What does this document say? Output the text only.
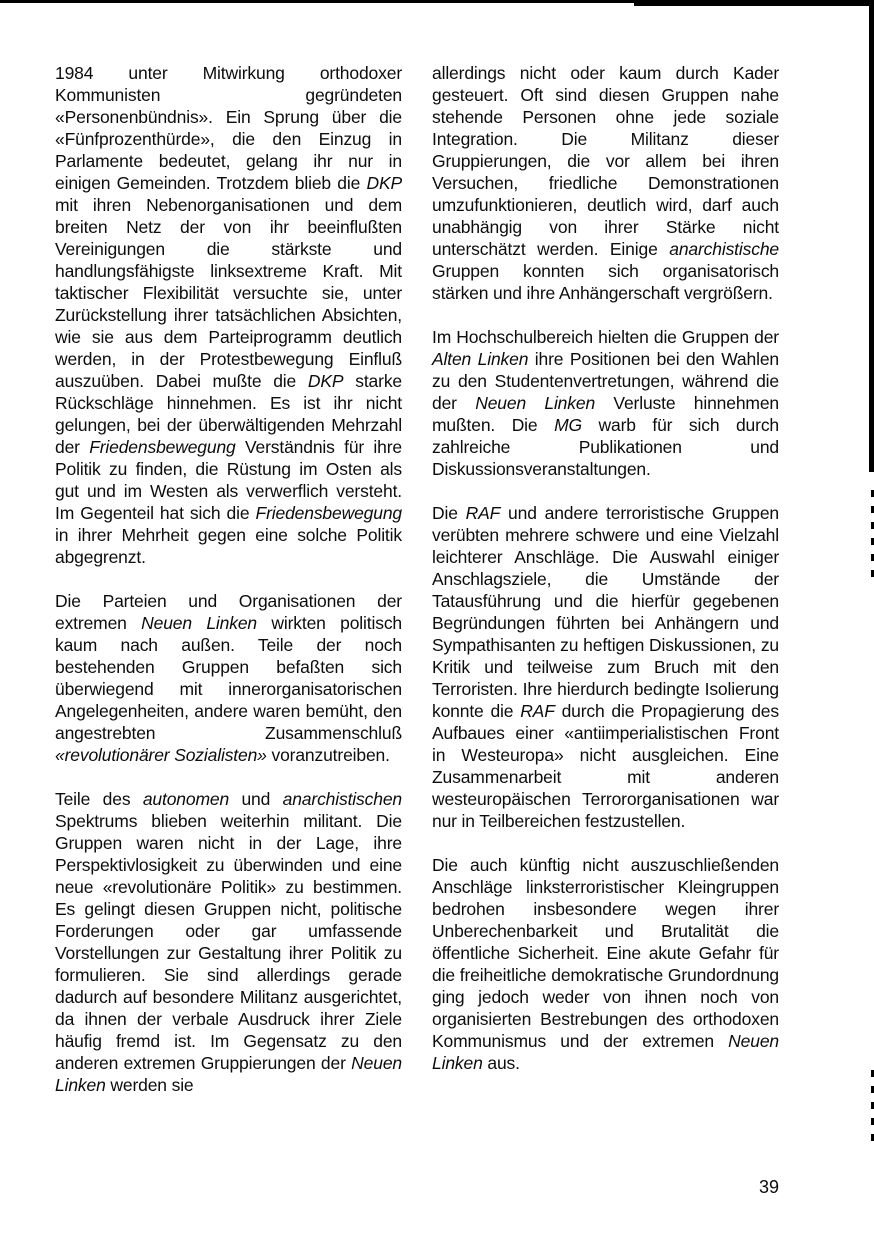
1984 unter Mitwirkung orthodoxer Kommunisten gegründeten «Personenbündnis». Ein Sprung über die «Fünfprozenthürde», die den Einzug in Parlamente bedeutet, gelang ihr nur in einigen Gemeinden. Trotzdem blieb die DKP mit ihren Nebenorganisationen und dem breiten Netz der von ihr beeinflußten Vereinigungen die stärkste und handlungsfähigste linksextreme Kraft. Mit taktischer Flexibilität versuchte sie, unter Zurückstellung ihrer tatsächlichen Absichten, wie sie aus dem Parteiprogramm deutlich werden, in der Protestbewegung Einfluß auszuüben. Dabei mußte die DKP starke Rückschläge hinnehmen. Es ist ihr nicht gelungen, bei der überwältigenden Mehrzahl der Friedensbewegung Verständnis für ihre Politik zu finden, die Rüstung im Osten als gut und im Westen als verwerflich versteht. Im Gegenteil hat sich die Friedensbewegung in ihrer Mehrheit gegen eine solche Politik abgegrenzt.

Die Parteien und Organisationen der extremen Neuen Linken wirkten politisch kaum nach außen. Teile der noch bestehenden Gruppen befaßten sich überwiegend mit innerorganisatorischen Angelegenheiten, andere waren bemüht, den angestrebten Zusammenschluß «revolutionärer Sozialisten» voranzutreiben.

Teile des autonomen und anarchistischen Spektrums blieben weiterhin militant. Die Gruppen waren nicht in der Lage, ihre Perspektivlosigkeit zu überwinden und eine neue «revolutionäre Politik» zu bestimmen. Es gelingt diesen Gruppen nicht, politische Forderungen oder gar umfassende Vorstellungen zur Gestaltung ihrer Politik zu formulieren. Sie sind allerdings gerade dadurch auf besondere Militanz ausgerichtet, da ihnen der verbale Ausdruck ihrer Ziele häufig fremd ist. Im Gegensatz zu den anderen extremen Gruppierungen der Neuen Linken werden sie

allerdings nicht oder kaum durch Kader gesteuert. Oft sind diesen Gruppen nahe stehende Personen ohne jede soziale Integration. Die Militanz dieser Gruppierungen, die vor allem bei ihren Versuchen, friedliche Demonstrationen umzufunktionieren, deutlich wird, darf auch unabhängig von ihrer Stärke nicht unterschätzt werden. Einige anarchistische Gruppen konnten sich organisatorisch stärken und ihre Anhängerschaft vergrößern.

Im Hochschulbereich hielten die Gruppen der Alten Linken ihre Positionen bei den Wahlen zu den Studentenvertretungen, während die der Neuen Linken Verluste hinnehmen mußten. Die MG warb für sich durch zahlreiche Publikationen und Diskussionsveranstaltungen.

Die RAF und andere terroristische Gruppen verübten mehrere schwere und eine Vielzahl leichterer Anschläge. Die Auswahl einiger Anschlagsziele, die Umstände der Tatausführung und die hierfür gegebenen Begründungen führten bei Anhängern und Sympathisanten zu heftigen Diskussionen, zu Kritik und teilweise zum Bruch mit den Terroristen. Ihre hierdurch bedingte Isolierung konnte die RAF durch die Propagierung des Aufbaues einer «antiimperialistischen Front in Westeuropa» nicht ausgleichen. Eine Zusammenarbeit mit anderen westeuropäischen Terrororganisationen war nur in Teilbereichen festzustellen.

Die auch künftig nicht auszuschließenden Anschläge linksterroristischer Kleingruppen bedrohen insbesondere wegen ihrer Unberechenbarkeit und Brutalität die öffentliche Sicherheit. Eine akute Gefahr für die freiheitliche demokratische Grundordnung ging jedoch weder von ihnen noch von organisierten Bestrebungen des orthodoxen Kommunismus und der extremen Neuen Linken aus.

39
